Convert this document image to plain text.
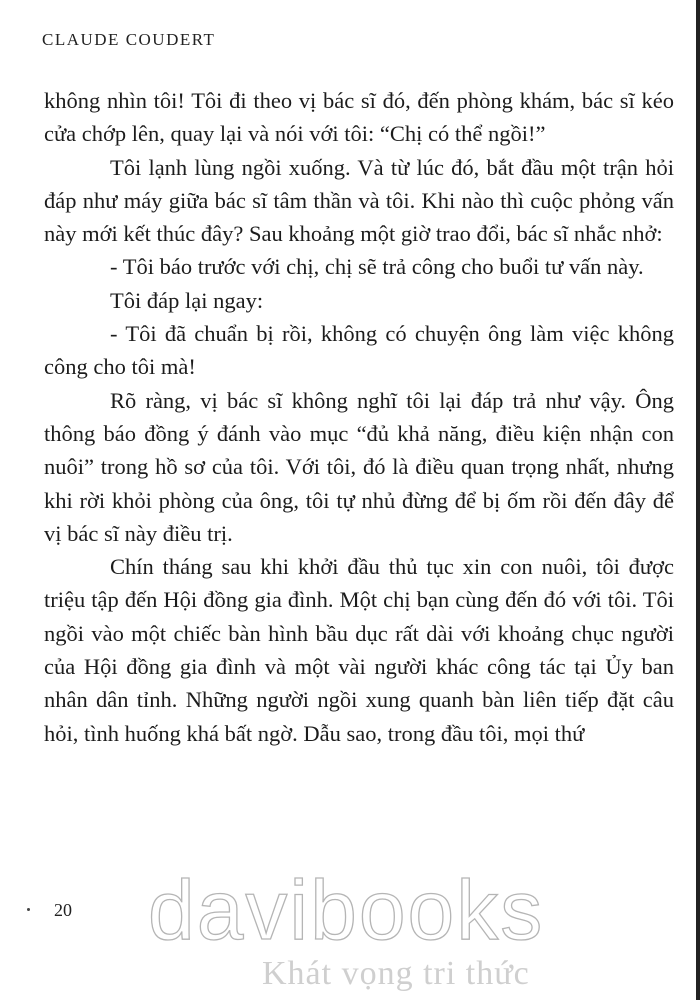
CLAUDE COUDERT

không nhìn tôi! Tôi đi theo vị bác sĩ đó, đến phòng khám, bác sĩ kéo cửa chớp lên, quay lại và nói với tôi: “Chị có thể ngồi!”

Tôi lạnh lùng ngồi xuống. Và từ lúc đó, bắt đầu một trận hỏi đáp như máy giữa bác sĩ tâm thần và tôi. Khi nào thì cuộc phỏng vấn này mới kết thúc đây? Sau khoảng một giờ trao đổi, bác sĩ nhắc nhở:

- Tôi báo trước với chị, chị sẽ trả công cho buổi tư vấn này.

Tôi đáp lại ngay:

- Tôi đã chuẩn bị rồi, không có chuyện ông làm việc không công cho tôi mà!

Rõ ràng, vị bác sĩ không nghĩ tôi lại đáp trả như vậy. Ông thông báo đồng ý đánh vào mục “đủ khả năng, điều kiện nhận con nuôi” trong hồ sơ của tôi. Với tôi, đó là điều quan trọng nhất, nhưng khi rời khỏi phòng của ông, tôi tự nhủ đừng để bị ốm rồi đến đây để vị bác sĩ này điều trị.

Chín tháng sau khi khởi đầu thủ tục xin con nuôi, tôi được triệu tập đến Hội đồng gia đình. Một chị bạn cùng đến đó với tôi. Tôi ngồi vào một chiếc bàn hình bầu dục rất dài với khoảng chục người của Hội đồng gia đình và một vài người khác công tác tại Ủy ban nhân dân tỉnh. Những người ngồi xung quanh bàn liên tiếp đặt câu hỏi, tình huống khá bất ngờ. Dẫu sao, trong đầu tôi, mọi thứ

20 davibooks
Khát vọng tri thức
